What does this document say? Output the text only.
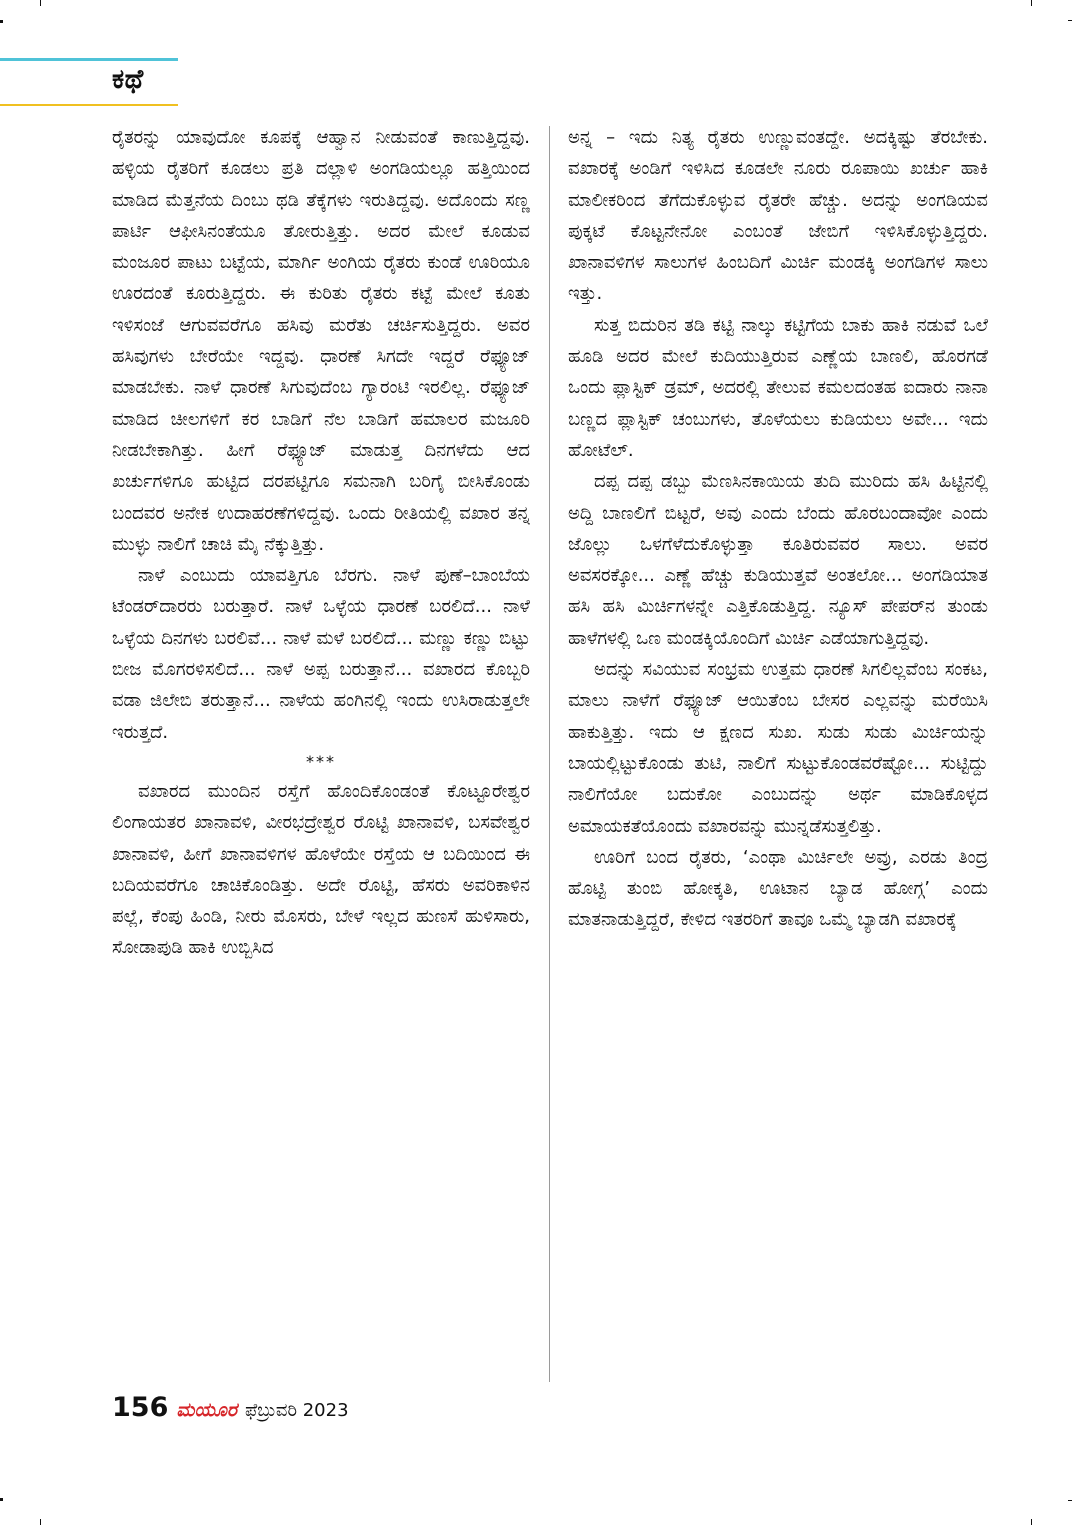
ಕಥೆ

ರೈತರನ್ನು ಯಾವುದೋ ಕೂಪಕ್ಕೆ ಆಹ್ವಾನ ನೀಡುವಂತೆ ಕಾಣುತ್ತಿದ್ದವು. ಹಳ್ಳಿಯ ರೈತರಿಗೆ ಕೂಡಲು ಪ್ರತಿ ದಲ್ಲಾಳಿ ಅಂಗಡಿಯಲ್ಲೂ ಹತ್ತಿಯಿಂದ ಮಾಡಿದ ಮೆತ್ತನೆಯ ದಿಂಬು ಥಡಿ ತೆಕ್ಕೆಗಳು ಇರುತಿದ್ದವು. ಅದೊಂದು ಸಣ್ಣ ಪಾರ್ಟಿ ಆಫೀಸಿನಂತೆಯೂ ತೋರುತ್ತಿತ್ತು. ಅದರ ಮೇಲೆ ಕೂಡುವ ಮಂಜೂರ ಪಾಟು ಬಟ್ಟೆಯ, ಮಾರ್ಗಿ ಅಂಗಿಯ ರೈತರು ಕುಂಡೆ ಊರಿಯೂ ಊರದಂತೆ ಕೂರುತ್ತಿದ್ದರು. ಈ ಕುರಿತು ರೈತರು ಕಟ್ಟೆ ಮೇಲೆ ಕೂತು ಇಳಿಸಂಜೆ ಆಗುವವರೆಗೂ ಹಸಿವು ಮರೆತು ಚರ್ಚಿಸುತ್ತಿದ್ದರು. ಅವರ ಹಸಿವುಗಳು ಬೇರೆಯೇ ಇದ್ದವು. ಧಾರಣೆ ಸಿಗದೇ ಇದ್ದರೆ ರೆಫ್ಯೂಜ್ ಮಾಡಬೇಕು. ನಾಳೆ ಧಾರಣೆ ಸಿಗುವುದೆಂಬ ಗ್ಯಾರಂಟಿ ಇರಲಿಲ್ಲ. ರೆಫ್ಯೂಜ್ ಮಾಡಿದ ಚೀಲಗಳಿಗೆ ಕರ ಬಾಡಿಗೆ ನೆಲ ಬಾಡಿಗೆ ಹಮಾಲರ ಮಜೂರಿ ನೀಡಬೇಕಾಗಿತ್ತು. ಹೀಗೆ ರೆಫ್ಯೂಜ್ ಮಾಡುತ್ತ ದಿನಗಳೆದು ಆದ ಖರ್ಚುಗಳಿಗೂ ಹುಟ್ಟಿದ ದರಪಟ್ಟಿಗೂ ಸಮನಾಗಿ ಬರಿಗೈ ಬೀಸಿಕೊಂಡು ಬಂದವರ ಅನೇಕ ಉದಾಹರಣೆಗಳಿದ್ದವು. ಒಂದು ರೀತಿಯಲ್ಲಿ ವಖಾರ ತನ್ನ ಮುಳ್ಳು ನಾಲಿಗೆ ಚಾಚಿ ಮೈ ನೆಕ್ಕುತ್ತಿತ್ತು.

ನಾಳೆ ಎಂಬುದು ಯಾವತ್ತಿಗೂ ಬೆರಗು. ನಾಳೆ ಪುಣೆ–ಬಾಂಬೆಯ ಟೆಂಡರ್‌ದಾರರು ಬರುತ್ತಾರೆ. ನಾಳೆ ಒಳ್ಳೆಯ ಧಾರಣೆ ಬರಲಿದೆ... ನಾಳೆ ಒಳ್ಳೆಯ ದಿನಗಳು ಬರಲಿವೆ... ನಾಳೆ ಮಳೆ ಬರಲಿದೆ... ಮಣ್ಣು ಕಣ್ಣು ಬಿಟ್ಟು ಬೀಜ ಮೊಗರಳಿಸಲಿದೆ... ನಾಳೆ ಅಪ್ಪ ಬರುತ್ತಾನೆ... ವಖಾರದ ಕೊಬ್ಬರಿ ವಡಾ ಜಿಲೇಬಿ ತರುತ್ತಾನೆ... ನಾಳೆಯ ಹಂಗಿನಲ್ಲಿ ಇಂದು ಉಸಿರಾಡುತ್ತಲೇ ಇರುತ್ತದೆ.

***

ವಖಾರದ ಮುಂದಿನ ರಸ್ತೆಗೆ ಹೊಂದಿಕೊಂಡಂತೆ ಕೊಟ್ಟೂರೇಶ್ವರ ಲಿಂಗಾಯತರ ಖಾನಾವಳಿ, ವೀರಭದ್ರೇಶ್ವರ ರೊಟ್ಟಿ ಖಾನಾವಳಿ, ಬಸವೇಶ್ವರ ಖಾನಾವಳಿ, ಹೀಗೆ ಖಾನಾವಳಿಗಳ ಹೊಳೆಯೇ ರಸ್ತೆಯ ಆ ಬದಿಯಿಂದ ಈ ಬದಿಯವರೆಗೂ ಚಾಚಿಕೊಂಡಿತ್ತು. ಅದೇ ರೊಟ್ಟಿ, ಹೆಸರು ಅವರಿಕಾಳಿನ ಪಲ್ಲೆ, ಕೆಂಪು ಹಿಂಡಿ, ನೀರು ಮೊಸರು, ಬೇಳೆ ಇಲ್ಲದ ಹುಣಸೆ ಹುಳಿಸಾರು, ಸೋಡಾಪುಡಿ ಹಾಕಿ ಉಬ್ಬಿಸಿದ

ಅನ್ನ – ಇದು ನಿತ್ಯ ರೈತರು ಉಣ್ಣುವಂತದ್ದೇ. ಅದಕ್ಕಿಷ್ಟು ತೆರಬೇಕು. ವಖಾರಕ್ಕೆ ಅಂಡಿಗೆ ಇಳಿಸಿದ ಕೂಡಲೇ ನೂರು ರೂಪಾಯಿ ಖರ್ಚು ಹಾಕಿ ಮಾಲೀಕರಿಂದ ತೆಗೆದುಕೊಳ್ಳುವ ರೈತರೇ ಹೆಚ್ಚು. ಅದನ್ನು ಅಂಗಡಿಯವ ಪುಕ್ಕಟೆ ಕೊಟ್ಟನೇನೋ ಎಂಬಂತೆ ಜೇಬಿಗೆ ಇಳಿಸಿಕೊಳ್ಳುತ್ತಿದ್ದರು. ಖಾನಾವಳಿಗಳ ಸಾಲುಗಳ ಹಿಂಬದಿಗೆ ಮಿರ್ಚಿ ಮಂಡಕ್ಕಿ ಅಂಗಡಿಗಳ ಸಾಲು ಇತ್ತು.

ಸುತ್ತ ಬಿದುರಿನ ತಡಿ ಕಟ್ಟಿ ನಾಲ್ಕು ಕಟ್ಟಿಗೆಯ ಬಾಕು ಹಾಕಿ ನಡುವೆ ಒಲೆ ಹೂಡಿ ಅದರ ಮೇಲೆ ಕುದಿಯುತ್ತಿರುವ ಎಣ್ಣೆಯ ಬಾಣಲಿ, ಹೊರಗಡೆ ಒಂದು ಪ್ಲಾಸ್ಟಿಕ್ ಡ್ರಮ್, ಅದರಲ್ಲಿ ತೇಲುವ ಕಮಲದಂತಹ ಐದಾರು ನಾನಾ ಬಣ್ಣದ ಪ್ಲಾಸ್ಟಿಕ್ ಚಂಬುಗಳು, ತೊಳೆಯಲು ಕುಡಿಯಲು ಅವೇ... ಇದು ಹೋಟೆಲ್.

ದಪ್ಪ ದಪ್ಪ ಡಬ್ಬು ಮೆಣಸಿನಕಾಯಿಯ ತುದಿ ಮುರಿದು ಹಸಿ ಹಿಟ್ಟಿನಲ್ಲಿ ಅದ್ದಿ ಬಾಣಲಿಗೆ ಬಿಟ್ಟರೆ, ಅವು ಎಂದು ಬೆಂದು ಹೊರಬಂದಾವೋ ಎಂದು ಜೊಲ್ಲು ಒಳಗೆಳೆದುಕೊಳ್ಳುತ್ತಾ ಕೂತಿರುವವರ ಸಾಲು. ಅವರ ಅವಸರಕ್ಕೋ... ಎಣ್ಣೆ ಹೆಚ್ಚು ಕುಡಿಯುತ್ತವೆ ಅಂತಲೋ... ಅಂಗಡಿಯಾತ ಹಸಿ ಹಸಿ ಮಿರ್ಚಿಗಳನ್ನೇ ಎತ್ತಿಕೊಡುತ್ತಿದ್ದ. ನ್ಯೂಸ್ ಪೇಪರ್‌ನ ತುಂಡು ಹಾಳೆಗಳಲ್ಲಿ ಒಣ ಮಂಡಕ್ಕಿಯೊಂದಿಗೆ ಮಿರ್ಚಿ ಎಡೆಯಾಗುತ್ತಿದ್ದವು.

ಅದನ್ನು ಸವಿಯುವ ಸಂಭ್ರಮ ಉತ್ತಮ ಧಾರಣೆ ಸಿಗಲಿಲ್ಲವೆಂಬ ಸಂಕಟ, ಮಾಲು ನಾಳೆಗೆ ರೆಫ್ಯೂಜ್ ಆಯಿತೆಂಬ ಬೇಸರ ಎಲ್ಲವನ್ನು ಮರೆಯಿಸಿ ಹಾಕುತ್ತಿತ್ತು. ಇದು ಆ ಕ್ಷಣದ ಸುಖ. ಸುಡು ಸುಡು ಮಿರ್ಚಿಯನ್ನು ಬಾಯಲ್ಲಿಟ್ಟುಕೊಂಡು ತುಟಿ, ನಾಲಿಗೆ ಸುಟ್ಟುಕೊಂಡವರೆಷ್ಟೋ... ಸುಟ್ಟಿದ್ದು ನಾಲಿಗೆಯೋ ಬದುಕೋ ಎಂಬುದನ್ನು ಅರ್ಥ ಮಾಡಿಕೊಳ್ಳದ ಅಮಾಯಕತೆಯೊಂದು ವಖಾರವನ್ನು ಮುನ್ನಡೆಸುತ್ತಲಿತ್ತು.

ಊರಿಗೆ ಬಂದ ರೈತರು, ‘ಎಂಥಾ ಮಿರ್ಚಿಲೇ ಅವ್ರು, ಎರಡು ತಿಂದ್ರ ಹೊಟ್ಟಿ ತುಂಬಿ ಹೋಕ್ಕತಿ, ಊಟಾನ ಬ್ಯಾಡ ಹೋಗ್ಗ’ ಎಂದು ಮಾತನಾಡುತ್ತಿದ್ದರೆ, ಕೇಳಿದ ಇತರರಿಗೆ ತಾವೂ ಒಮ್ಮೆ ಬ್ಯಾಡಗಿ ವಖಾರಕ್ಕೆ

156 ಮಯೂರ ಫೆಬ್ರುವರಿ 2023
